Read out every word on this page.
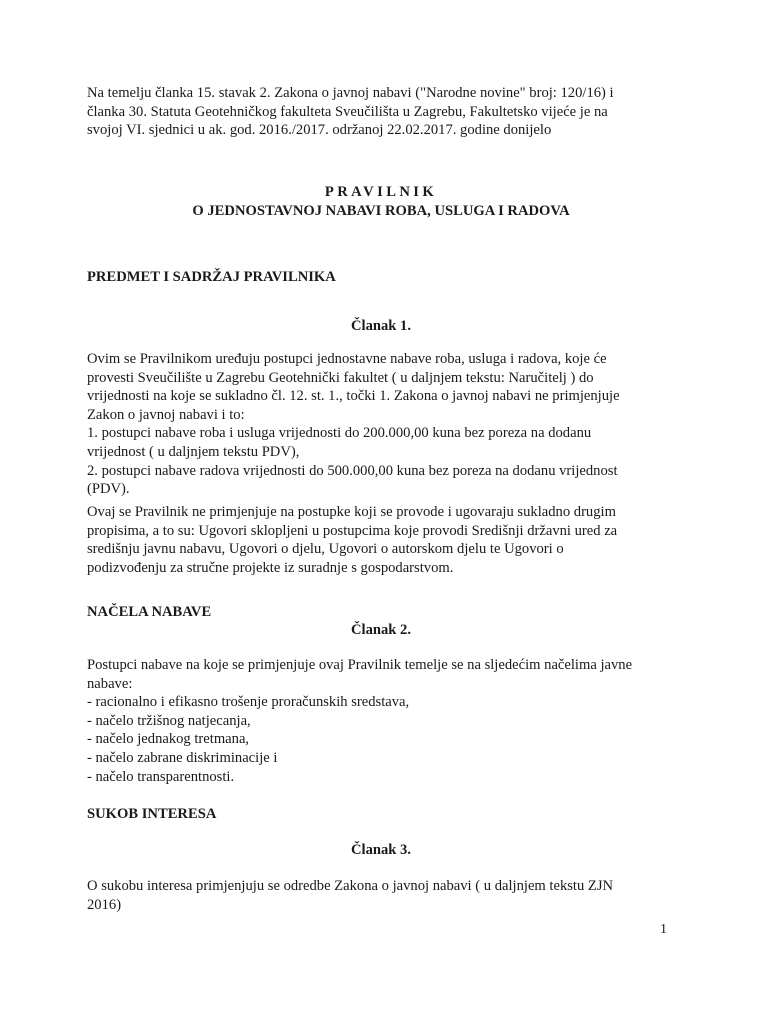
Na temelju članka 15. stavak 2. Zakona o javnoj nabavi ("Narodne novine" broj: 120/16) i
članka 30. Statuta Geotehničkog fakulteta Sveučilišta u Zagrebu, Fakultetsko vijeće je na
svojoj VI. sjednici u ak. god. 2016./2017. održanoj 22.02.2017. godine donijelo

PRAVILNIK
O JEDNOSTAVNOJ NABAVI ROBA, USLUGA I RADOVA
PREDMET I SADRŽAJ PRAVILNIKA
Članak 1.

Ovim se Pravilnikom uređuju postupci jednostavne nabave roba, usluga i radova, koje će
provesti Sveučilište u Zagrebu Geotehnički fakultet ( u daljnjem tekstu: Naručitelj ) do
vrijednosti na koje se sukladno čl. 12. st. 1., točki 1. Zakona o javnoj nabavi ne primjenjuje
Zakon o javnoj nabavi i to:
1. postupci nabave roba i usluga vrijednosti do 200.000,00 kuna bez poreza na dodanu
vrijednost ( u daljnjem tekstu PDV),
2. postupci nabave radova vrijednosti do 500.000,00 kuna bez poreza na dodanu vrijednost
(PDV).

Ovaj se Pravilnik ne primjenjuje na postupke koji se provode i ugovaraju sukladno drugim
propisima, a to su: Ugovori sklopljeni u postupcima koje provodi Središnji državni ured za
središnju javnu nabavu, Ugovori o djelu, Ugovori o autorskom djelu te Ugovori o
podizvođenju za stručne projekte iz suradnje s gospodarstvom.

NAČELA NABAVE
Članak 2.

Postupci nabave na koje se primjenjuje ovaj Pravilnik temelje se na sljedećim načelima javne
nabave:
- racionalno i efikasno trošenje proračunskih sredstava,
- načelo tržišnog natjecanja,
- načelo jednakog tretmana,
- načelo zabrane diskriminacije i
- načelo transparentnosti.

SUKOB INTERESA
Članak 3.

O sukobu interesa primjenjuju se odredbe Zakona o javnoj nabavi ( u daljnjem tekstu ZJN
2016)

1
